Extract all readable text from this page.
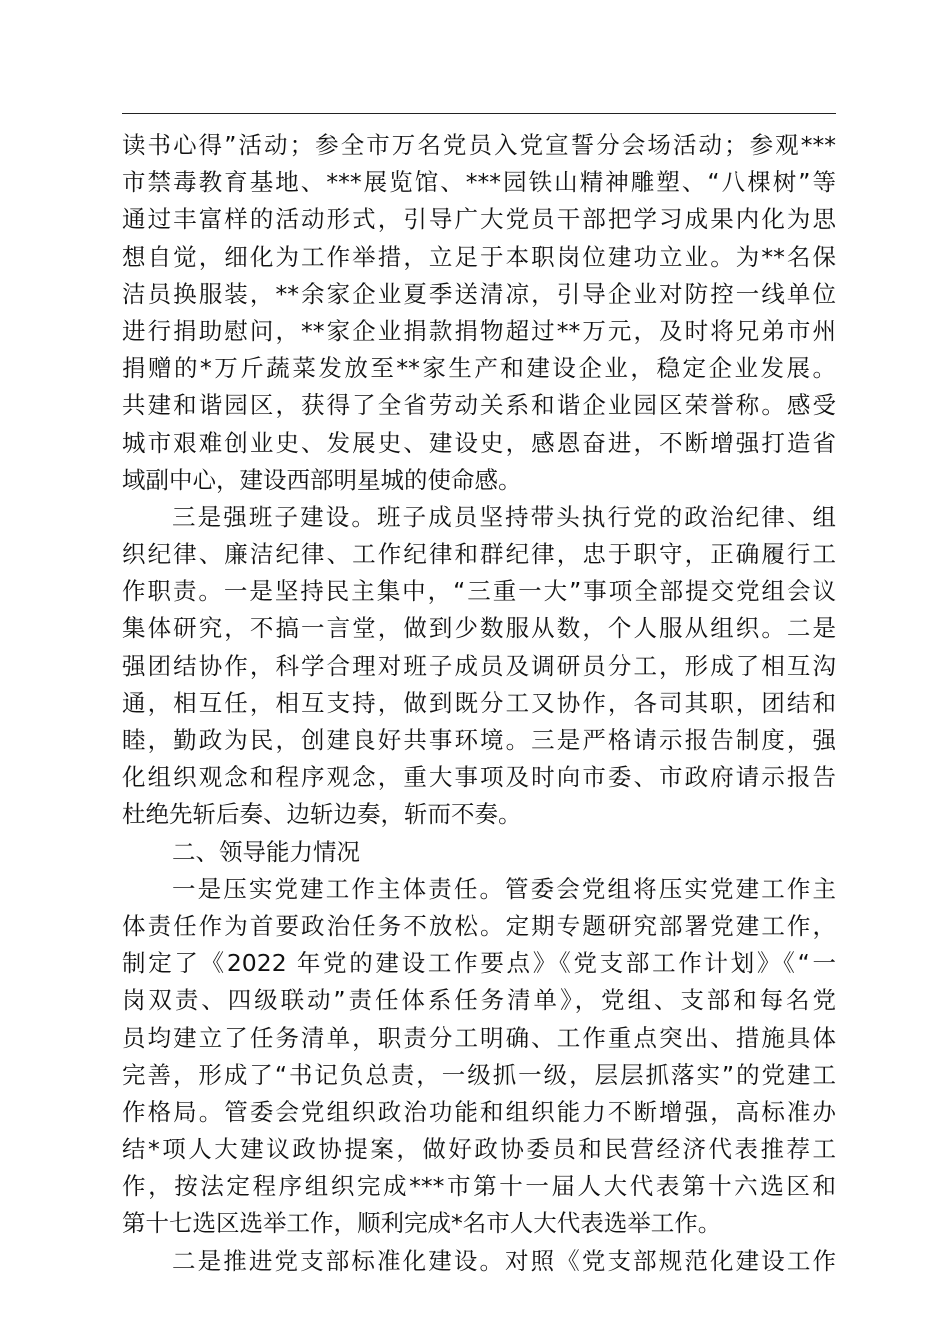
读书心得”活动；参全市万名党员入党宣誓分会场活动；参观***
市禁毒教育基地、***展览馆、***园铁山精神雕塑、“八棵树”等
通过丰富样的活动形式，引导广大党员干部把学习成果内化为思
想自觉，细化为工作举措，立足于本职岗位建功立业。为**名保
洁员换服装，**余家企业夏季送清凉，引导企业对防控一线单位
进行捐助慰问，**家企业捐款捐物超过**万元，及时将兄弟市州
捐赠的*万斤蔬菜发放至**家生产和建设企业，稳定企业发展。
共建和谐园区，获得了全省劳动关系和谐企业园区荣誉称。感受
城市艰难创业史、发展史、建设史，感恩奋进，不断增强打造省
域副中心，建设西部明星城的使命感。
三是强班子建设。班子成员坚持带头执行党的政治纪律、组
织纪律、廉洁纪律、工作纪律和群纪律，忠于职守，正确履行工
作职责。一是坚持民主集中，“三重一大”事项全部提交党组会议
集体研究，不搞一言堂，做到少数服从数，个人服从组织。二是
强团结协作，科学合理对班子成员及调研员分工，形成了相互沟
通，相互任，相互支持，做到既分工又协作，各司其职，团结和
睦，勤政为民，创建良好共事环境。三是严格请示报告制度，强
化组织观念和程序观念，重大事项及时向市委、市政府请示报告
杜绝先斩后奏、边斩边奏，斩而不奏。
二、领导能力情况
一是压实党建工作主体责任。管委会党组将压实党建工作主
体责任作为首要政治任务不放松。定期专题研究部署党建工作，
制定了《2022 年党的建设工作要点》《党支部工作计划》《“一
岗双责、四级联动”责任体系任务清单》，党组、支部和每名党
员均建立了任务清单，职责分工明确、工作重点突出、措施具体
完善，形成了“书记负总责，一级抓一级，层层抓落实”的党建工
作格局。管委会党组织政治功能和组织能力不断增强，高标准办
结*项人大建议政协提案，做好政协委员和民营经济代表推荐工
作，按法定程序组织完成***市第十一届人大代表第十六选区和
第十七选区选举工作，顺利完成*名市人大代表选举工作。
二是推进党支部标准化建设。对照《党支部规范化建设工作
